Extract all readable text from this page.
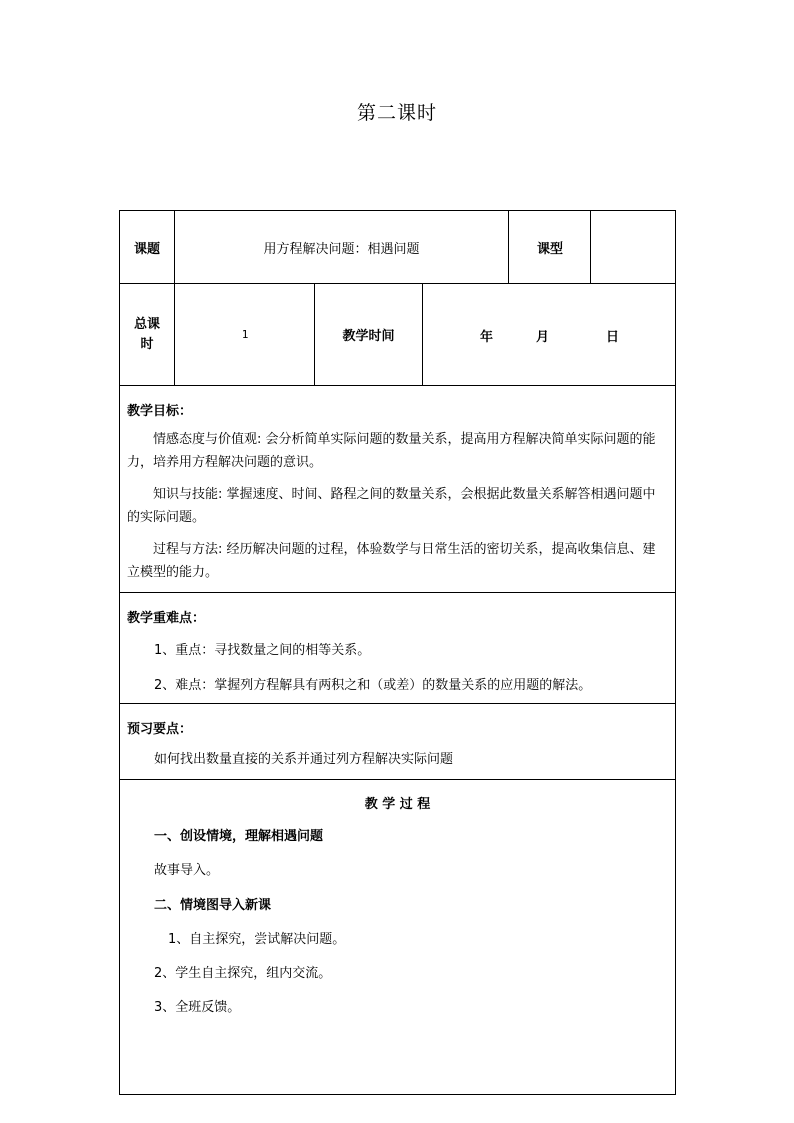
第二课时
课题	用方程解决问题：相遇问题	课型
总课
时
1	教学时间	年	月	日
教学目标：
情感态度与价值观: 会分析简单实际问题的数量关系，提高用方程解决简单实际问题的能力，培养用方程解决问题的意识。
知识与技能: 掌握速度、时间、路程之间的数量关系，会根据此数量关系解答相遇问题中的实际问题。
过程与方法: 经历解决问题的过程，体验数学与日常生活的密切关系，提高收集信息、建立模型的能力。
教学重难点：
1、重点：寻找数量之间的相等关系。
2、难点：掌握列方程解具有两积之和（或差）的数量关系的应用题的解法。
预习要点：
如何找出数量直接的关系并通过列方程解决实际问题
教 学 过 程
一、创设情境，理解相遇问题
故事导入。
二、情境图导入新课
1、自主探究，尝试解决问题。
2、学生自主探究，组内交流。
3、全班反馈。
